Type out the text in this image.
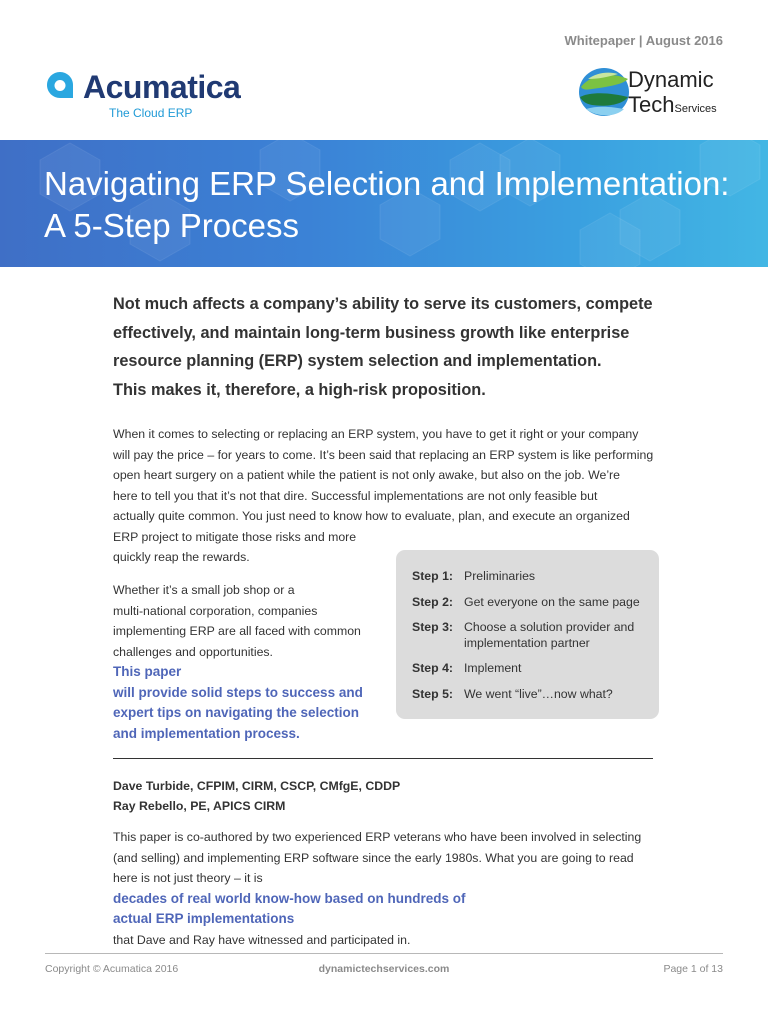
Whitepaper | August 2016
Acumatica
The Cloud ERP
Dynamic
TechServices
Navigating ERP Selection and Implementation:
A 5-Step Process
Not much affects a company’s ability to serve its customers, compete
effectively, and maintain long-term business growth like enterprise
resource planning (ERP) system selection and implementation.
This makes it, therefore, a high-risk proposition.
When it comes to selecting or replacing an ERP system, you have to get it right or your company
will pay the price – for years to come. It’s been said that replacing an ERP system is like performing
open heart surgery on a patient while the patient is not only awake, but also on the job. We’re
here to tell you that it’s not that dire. Successful implementations are not only feasible but
actually quite common. You just need to know how to evaluate, plan, and execute an organized
ERP project to mitigate those risks and more
quickly reap the rewards.
Whether it’s a small job shop or a
multi-national corporation, companies
implementing ERP are all faced with common
challenges and opportunities.
This paper
will provide solid steps to success and
expert tips on navigating the selection
and implementation process.
Step 1: Preliminaries
Step 2: Get everyone on the same page
Step 3: Choose a solution provider and implementation partner
Step 4: Implement
Step 5: We went “live”…now what?
Dave Turbide, CFPIM, CIRM, CSCP, CMfgE, CDDP
Ray Rebello, PE, APICS CIRM
This paper is co-authored by two experienced ERP veterans who have been involved in selecting
(and selling) and implementing ERP software since the early 1980s. What you are going to read
here is not just theory – it is
decades of real world know-how based on hundreds of
actual ERP implementations
that Dave and Ray have witnessed and participated in.
Copyright © Acumatica 2016	dynamictechservices.com	Page 1 of 13
